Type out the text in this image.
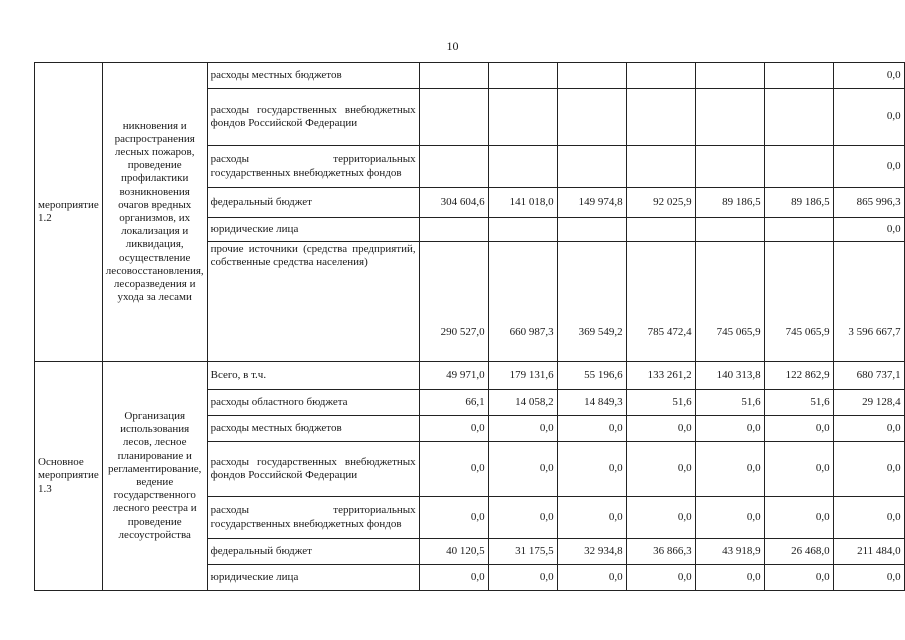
10
мероприятие 1.2	никновения и распространения лесных пожаров, проведение профилактики возникновения очагов вредных организмов, их локализация и ликвидация, осуществление лесовосстановления, лесоразведения и ухода за лесами	расходы местных бюджетов							0,0
		расходы государственных внебюджетных фондов Российской Федерации							0,0
		расходы территориальных государственных внебюджетных фондов							0,0
		федеральный бюджет	304 604,6	141 018,0	149 974,8	92 025,9	89 186,5	89 186,5	865 996,3
		юридические лица							0,0
		прочие источники (средства предприятий, собственные средства населения)	290 527,0	660 987,3	369 549,2	785 472,4	745 065,9	745 065,9	3 596 667,7
Основное мероприятие 1.3	Организация использования лесов, лесное планирование и регламентирование, ведение государственного лесного реестра и проведение лесоустройства	Всего, в т.ч.	49 971,0	179 131,6	55 196,6	133 261,2	140 313,8	122 862,9	680 737,1
		расходы областного бюджета	66,1	14 058,2	14 849,3	51,6	51,6	51,6	29 128,4
		расходы местных бюджетов	0,0	0,0	0,0	0,0	0,0	0,0	0,0
		расходы государственных внебюджетных фондов Российской Федерации	0,0	0,0	0,0	0,0	0,0	0,0	0,0
		расходы территориальных государственных внебюджетных фондов	0,0	0,0	0,0	0,0	0,0	0,0	0,0
		федеральный бюджет	40 120,5	31 175,5	32 934,8	36 866,3	43 918,9	26 468,0	211 484,0
		юридические лица	0,0	0,0	0,0	0,0	0,0	0,0	0,0
